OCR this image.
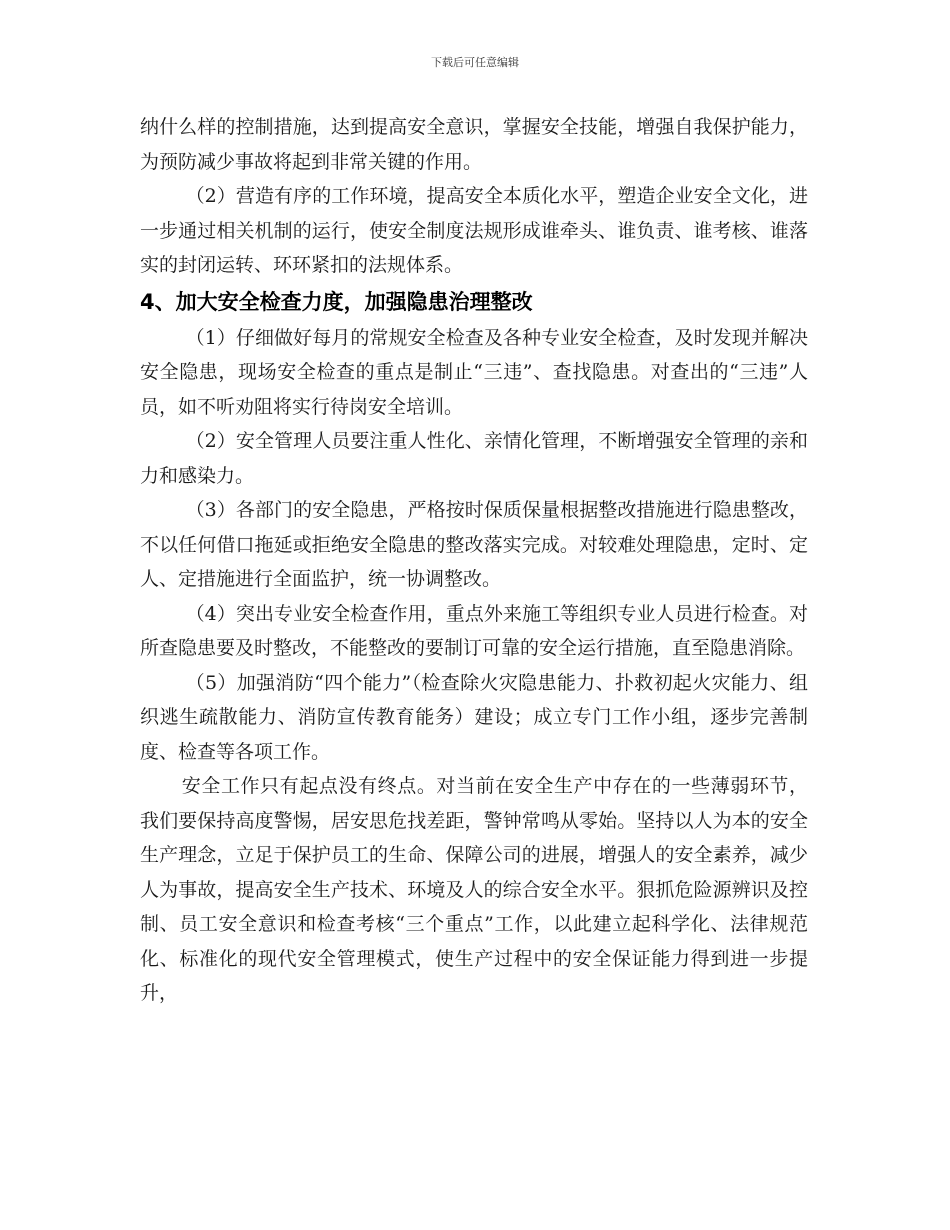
下载后可任意编辑

纳什么样的控制措施，达到提高安全意识，掌握安全技能，增强自我保护能力，为预防减少事故将起到非常关键的作用。

（2）营造有序的工作环境，提高安全本质化水平，塑造企业安全文化，进一步通过相关机制的运行，使安全制度法规形成谁牵头、谁负责、谁考核、谁落实的封闭运转、环环紧扣的法规体系。

4、加大安全检查力度，加强隐患治理整改

（1）仔细做好每月的常规安全检查及各种专业安全检查，及时发现并解决安全隐患，现场安全检查的重点是制止“三违”、查找隐患。对查出的“三违”人员，如不听劝阻将实行待岗安全培训。

（2）安全管理人员要注重人性化、亲情化管理，不断增强安全管理的亲和力和感染力。

（3）各部门的安全隐患，严格按时保质保量根据整改措施进行隐患整改，不以任何借口拖延或拒绝安全隐患的整改落实完成。对较难处理隐患，定时、定人、定措施进行全面监护，统一协调整改。

（4）突出专业安全检查作用，重点外来施工等组织专业人员进行检查。对所查隐患要及时整改，不能整改的要制订可靠的安全运行措施，直至隐患消除。

（5）加强消防“四个能力”（检查除火灾隐患能力、扑救初起火灾能力、组织逃生疏散能力、消防宣传教育能务）建设；成立专门工作小组，逐步完善制度、检查等各项工作。

安全工作只有起点没有终点。对当前在安全生产中存在的一些薄弱环节，我们要保持高度警惕，居安思危找差距，警钟常鸣从零始。坚持以人为本的安全生产理念，立足于保护员工的生命、保障公司的进展，增强人的安全素养，减少人为事故，提高安全生产技术、环境及人的综合安全水平。狠抓危险源辨识及控制、员工安全意识和检查考核“三个重点”工作，以此建立起科学化、法律规范化、标准化的现代安全管理模式，使生产过程中的安全保证能力得到进一步提升，
